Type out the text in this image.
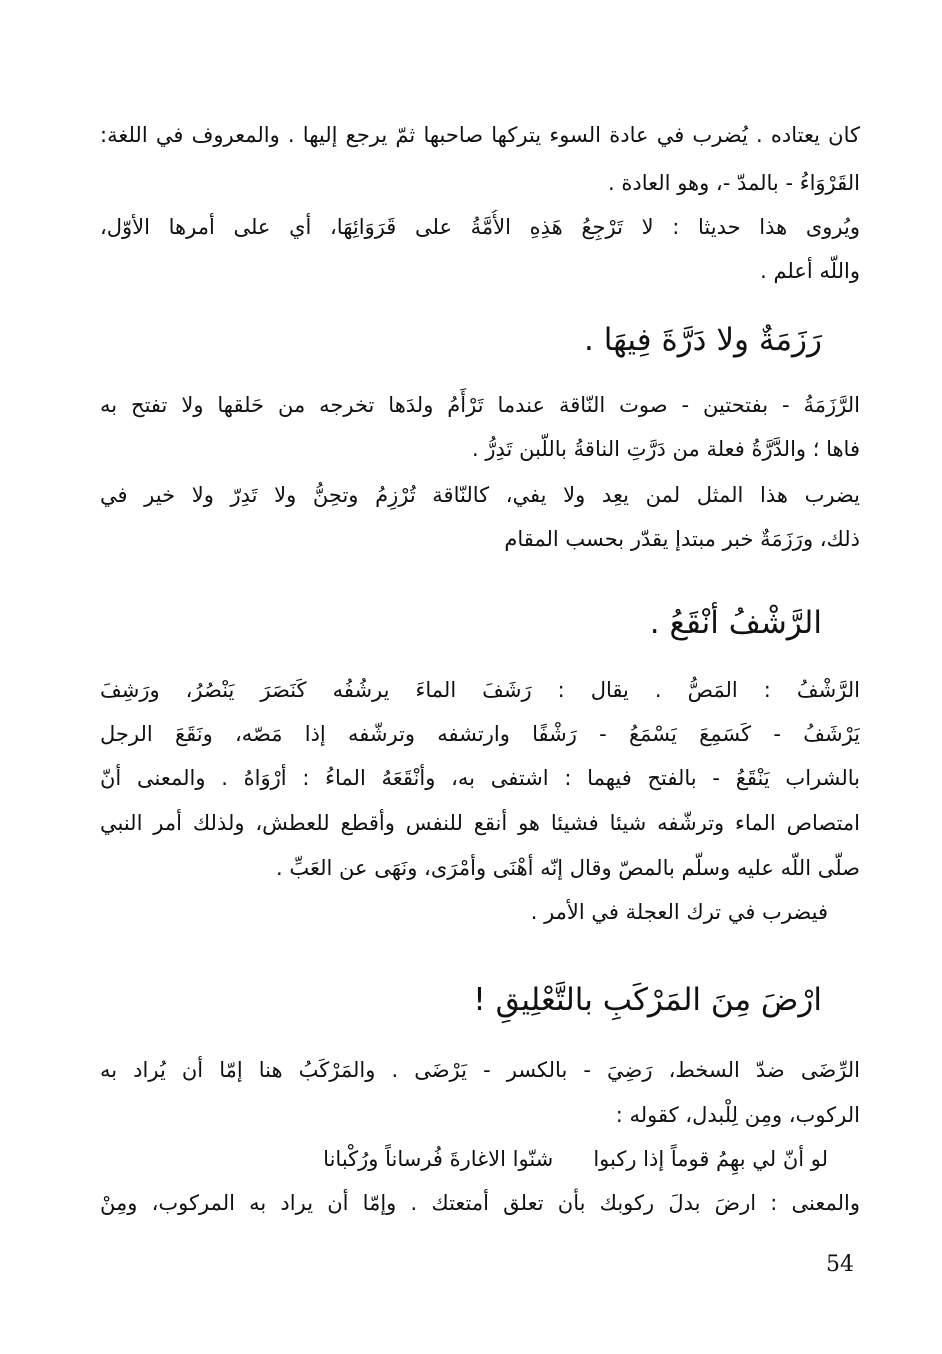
كان يعتاده . يُضرب في عادة السوء يتركها صاحبها ثمّ يرجع إليها . والمعروف في اللغة:
القَرْوَاءُ - بالمدّ -، وهو العادة .
ويُروى هذا حديثا : لا تَرْجِعُ هَذِهِ الأُمَّةُ على قَرَوَائِهَا، أي على أمرها الأوّل،
واللّه أعلم .
رَزَمَةٌ ولا دَرَّةَ فِيهَا .
الرَّزَمَةُ - بفتحتين - صوت النّاقة عندما تَرْأَمُ ولدَها تخرجه من حَلقها ولا تفتح به
فاها ؛ والدَّرَّةُ فعلة من دَرَّتِ الناقةُ باللّبن تَدِرُّ .
يضرب هذا المثل لمن يعِد ولا يفي، كالنّاقة تُرْزِمُ وتحِنُّ ولا تَدِرّ ولا خير في
ذلك، ورَزَمَةٌ خبر مبتدإ يقدّر بحسب المقام
الرَّشْفُ أنْقَعُ .
الرَّشْفُ : المَصُّ . يقال : رَشَفَ الماءَ يرشُفُه كَنَصَرَ يَنْصُرُ، ورَشِفَ
يَرْشَفُ - كَسَمِعَ يَسْمَعُ - رَشْفًا وارتشفه وترشّفه إذا مَصّه، ونَقَعَ الرجل
بالشراب يَنْقَعُ - بالفتح فيهما : اشتفى به، وأنْقَعَهُ الماءُ : أرْوَاهُ . والمعنى أنّ
امتصاص الماء وترشّفه شيئا فشيئا هو أنقع للنفس وأقطع للعطش، ولذلك أمر النبي
صلّى اللّه عليه وسلّم بالمصّ وقال إنّه أهْنَى وأمْرَى، ونَهَى عن العَبِّ .
فيضرب في ترك العجلة في الأمر .
ارْضَ مِنَ المَرْكَبِ بالتَّعْلِيقِ !
الرِّضَى ضدّ السخط، رَضِيَ - بالكسر - يَرْضَى . والمَرْكَبُ هنا إمّا أن يُراد به
الركوب، ومِن لِلْبدل، كقوله :
لو أنّ لي بهِمُ قوماً إذا ركبوا      شنّوا الاغارةَ فُرساناً ورُكْبانا
والمعنى : ارضَ بدلَ ركوبك بأن تعلق أمتعتك . وإمّا أن يراد به المركوب، ومِنْ
54
